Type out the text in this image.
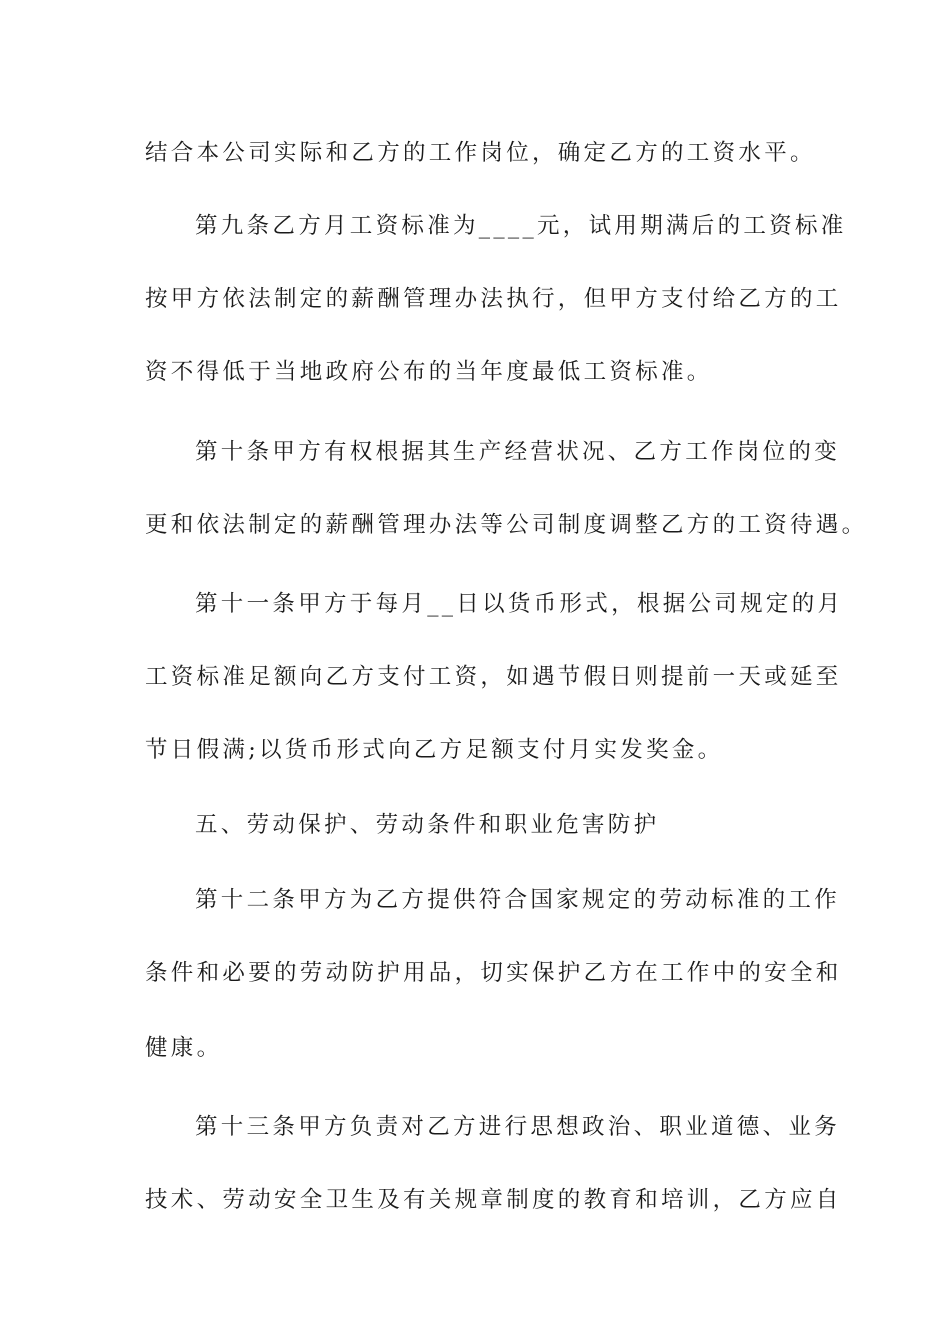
结合本公司实际和乙方的工作岗位，确定乙方的工资水平。
第九条乙方月工资标准为____元，试用期满后的工资标准
按甲方依法制定的薪酬管理办法执行，但甲方支付给乙方的工
资不得低于当地政府公布的当年度最低工资标准。
第十条甲方有权根据其生产经营状况、乙方工作岗位的变
更和依法制定的薪酬管理办法等公司制度调整乙方的工资待遇。
第十一条甲方于每月__日以货币形式，根据公司规定的月
工资标准足额向乙方支付工资，如遇节假日则提前一天或延至
节日假满;以货币形式向乙方足额支付月实发奖金。
五、劳动保护、劳动条件和职业危害防护
第十二条甲方为乙方提供符合国家规定的劳动标准的工作
条件和必要的劳动防护用品，切实保护乙方在工作中的安全和
健康。
第十三条甲方负责对乙方进行思想政治、职业道德、业务
技术、劳动安全卫生及有关规章制度的教育和培训，乙方应自
